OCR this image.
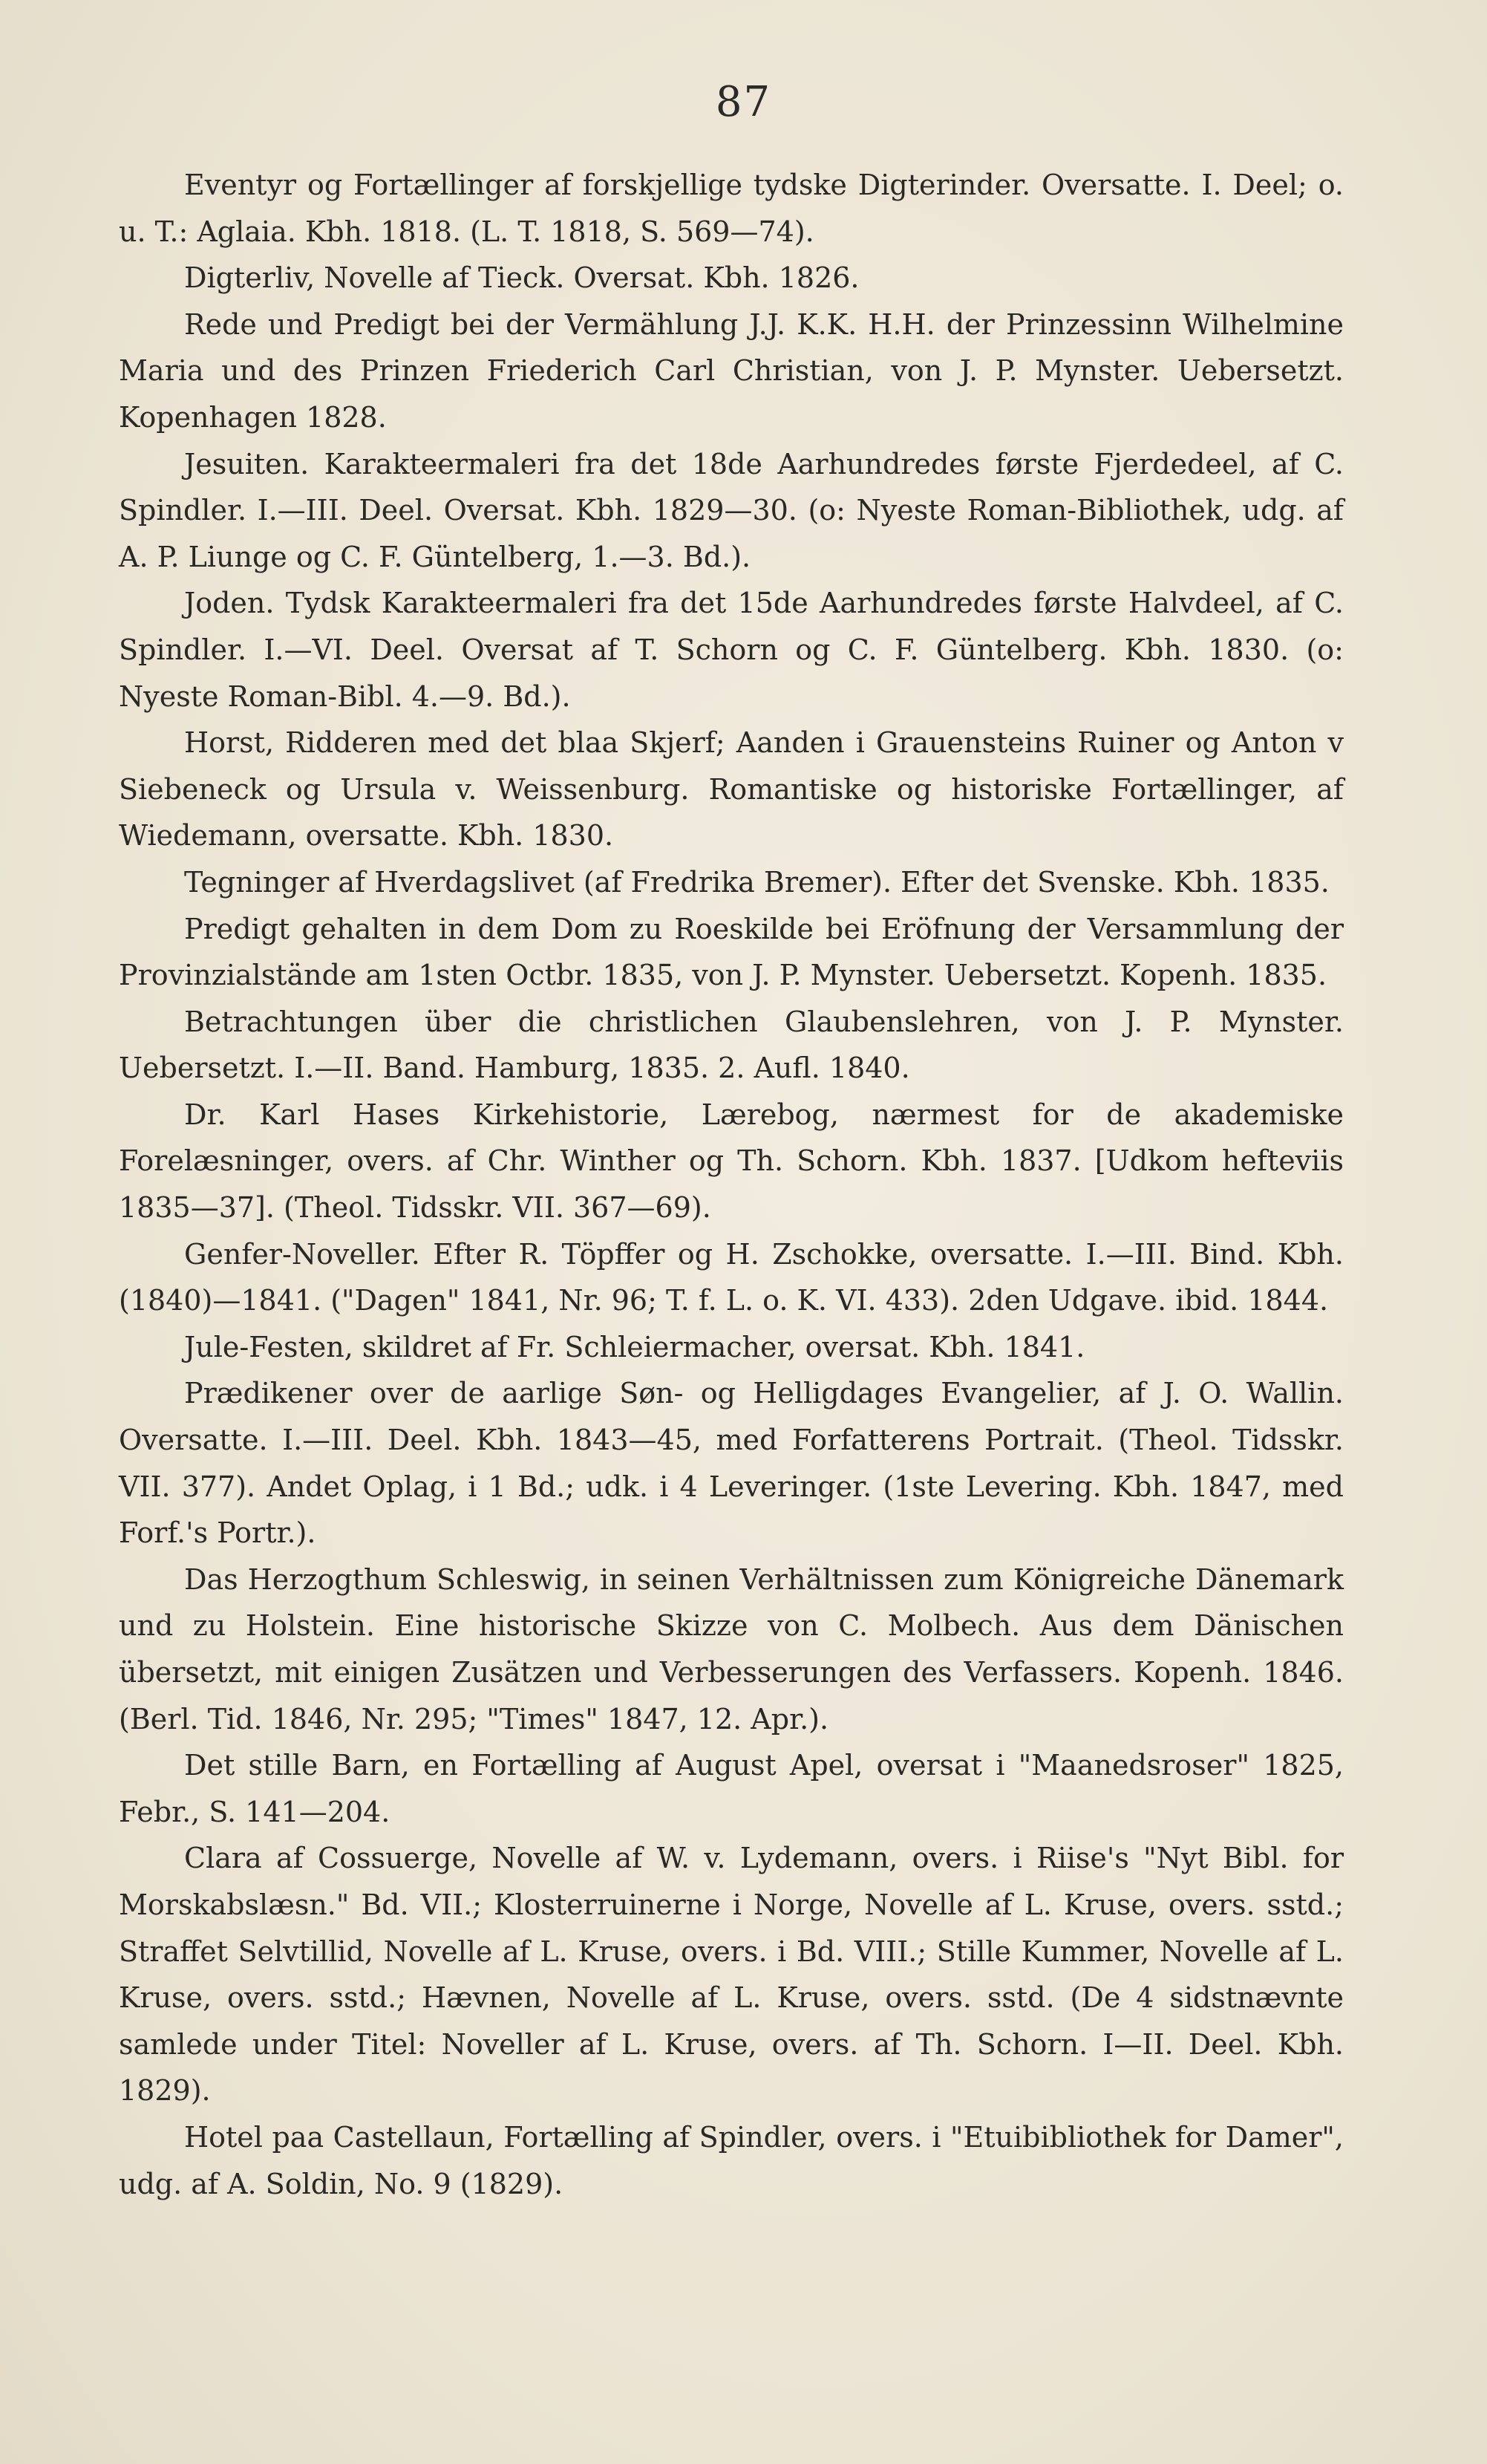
87

Eventyr og Fortællinger af forskjellige tydske Digterinder. Oversatte. I. Deel; o. u. T.: Aglaia. Kbh. 1818. (L. T. 1818, S. 569—74).

Digterliv, Novelle af Tieck. Oversat. Kbh. 1826.

Rede und Predigt bei der Vermählung J.J. K.K. H.H. der Prinzessinn Wilhelmine Maria und des Prinzen Friederich Carl Christian, von J. P. Mynster. Uebersetzt. Kopenhagen 1828.

Jesuiten. Karakteermaleri fra det 18de Aarhundredes første Fjerdedeel, af C. Spindler. I.—III. Deel. Oversat. Kbh. 1829—30. (o: Nyeste Roman-Bibliothek, udg. af A. P. Liunge og C. F. Güntelberg, 1.—3. Bd.).

Joden. Tydsk Karakteermaleri fra det 15de Aarhundredes første Halvdeel, af C. Spindler. I.—VI. Deel. Oversat af T. Schorn og C. F. Güntelberg. Kbh. 1830. (o: Nyeste Roman-Bibl. 4.—9. Bd.).

Horst, Ridderen med det blaa Skjerf; Aanden i Grauensteins Ruiner og Anton v Siebeneck og Ursula v. Weissenburg. Romantiske og historiske Fortællinger, af Wiedemann, oversatte. Kbh. 1830.

Tegninger af Hverdagslivet (af Fredrika Bremer). Efter det Svenske. Kbh. 1835.

Predigt gehalten in dem Dom zu Roeskilde bei Eröfnung der Versammlung der Provinzialstände am 1sten Octbr. 1835, von J. P. Mynster. Uebersetzt. Kopenh. 1835.

Betrachtungen über die christlichen Glaubenslehren, von J. P. Mynster. Uebersetzt. I.—II. Band. Hamburg, 1835. 2. Aufl. 1840.

Dr. Karl Hases Kirkehistorie, Lærebog, nærmest for de akademiske Forelæsninger, overs. af Chr. Winther og Th. Schorn. Kbh. 1837. [Udkom hefteviis 1835—37]. (Theol. Tidsskr. VII. 367—69).

Genfer-Noveller. Efter R. Töpffer og H. Zschokke, oversatte. I.—III. Bind. Kbh. (1840)—1841. ("Dagen" 1841, Nr. 96; T. f. L. o. K. VI. 433). 2den Udgave. ibid. 1844.

Jule-Festen, skildret af Fr. Schleiermacher, oversat. Kbh. 1841.

Prædikener over de aarlige Søn- og Helligdages Evangelier, af J. O. Wallin. Oversatte. I.—III. Deel. Kbh. 1843—45, med Forfatterens Portrait. (Theol. Tidsskr. VII. 377). Andet Oplag, i 1 Bd.; udk. i 4 Leveringer. (1ste Levering. Kbh. 1847, med Forf.'s Portr.).

Das Herzogthum Schleswig, in seinen Verhältnissen zum Königreiche Dänemark und zu Holstein. Eine historische Skizze von C. Molbech. Aus dem Dänischen übersetzt, mit einigen Zusätzen und Verbesserungen des Verfassers. Kopenh. 1846. (Berl. Tid. 1846, Nr. 295; "Times" 1847, 12. Apr.).

Det stille Barn, en Fortælling af August Apel, oversat i "Maanedsroser" 1825, Febr., S. 141—204.

Clara af Cossuerge, Novelle af W. v. Lydemann, overs. i Riise's "Nyt Bibl. for Morskabslæsn." Bd. VII.; Klosterruinerne i Norge, Novelle af L. Kruse, overs. sstd.; Straffet Selvtillid, Novelle af L. Kruse, overs. i Bd. VIII.; Stille Kummer, Novelle af L. Kruse, overs. sstd.; Hævnen, Novelle af L. Kruse, overs. sstd. (De 4 sidstnævnte samlede under Titel: Noveller af L. Kruse, overs. af Th. Schorn. I—II. Deel. Kbh. 1829).

Hotel paa Castellaun, Fortælling af Spindler, overs. i "Etuibibliothek for Damer", udg. af A. Soldin, No. 9 (1829).
